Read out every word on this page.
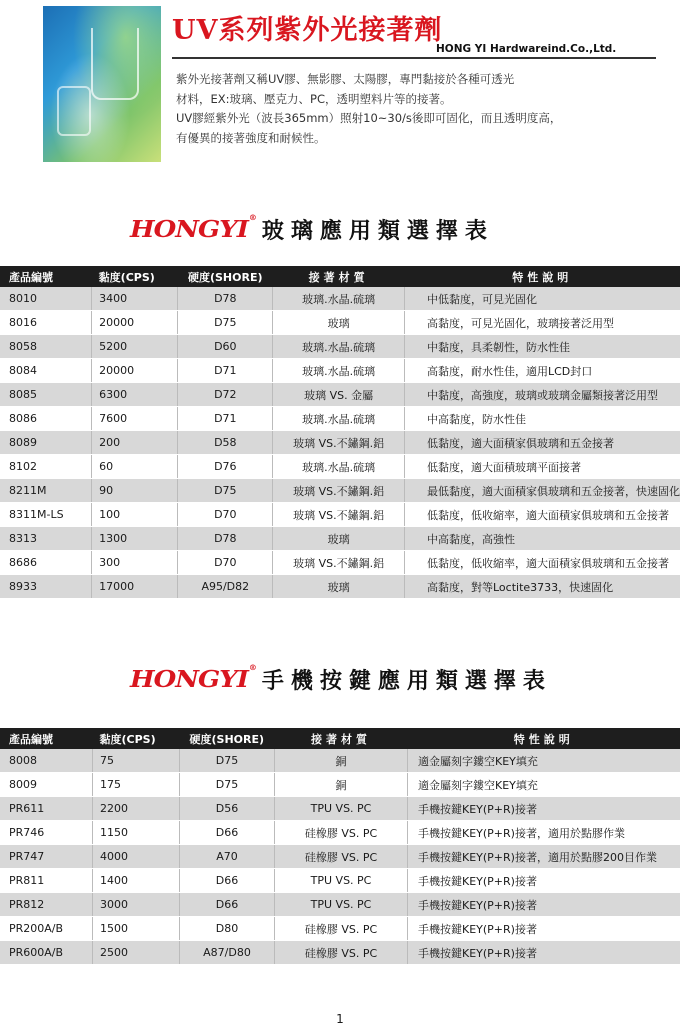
UV系列紫外光接著劑
HONG YI Hardwareind.Co.,Ltd.
紫外光接著劑又稱UV膠、無影膠、太陽膠，專門黏接於各種可透光
材料，EX:玻璃、壓克力、PC，透明塑料片等的接著。
UV膠經紫外光（波長365mm）照射10~30/s後即可固化，而且透明度高，
有優異的接著強度和耐候性。
HONGYI ®
玻璃應用類選擇表
產品編號	黏度(CPS)	硬度(SHORE)	接著材質	特性說明
8010	3400	D78	玻璃.水晶.硫璃	中低黏度，可見光固化
8016	20000	D75	玻璃	高黏度，可見光固化，玻璃接著泛用型
8058	5200	D60	玻璃.水晶.硫璃	中黏度，具柔韌性，防水性佳
8084	20000	D71	玻璃.水晶.硫璃	高黏度，耐水性佳，適用LCD封口
8085	6300	D72	玻璃 VS. 金屬	中黏度，高強度，玻璃或玻璃金屬類接著泛用型
8086	7600	D71	玻璃.水晶.硫璃	中高黏度，防水性佳
8089	200	D58	玻璃 VS.不鏽鋼.鋁	低黏度，適大面積家俱玻璃和五金接著
8102	60	D76	玻璃.水晶.硫璃	低黏度，適大面積玻璃平面接著
8211M	90	D75	玻璃 VS.不鏽鋼.鋁	最低黏度，適大面積家俱玻璃和五金接著，快速固化
8311M-LS	100	D70	玻璃 VS.不鏽鋼.鋁	低黏度，低收縮率，適大面積家俱玻璃和五金接著
8313	1300	D78	玻璃	中高黏度，高強性
8686	300	D70	玻璃 VS.不鏽鋼.鋁	低黏度，低收縮率，適大面積家俱玻璃和五金接著
8933	17000	A95/D82	玻璃	高黏度，對等Loctite3733，快速固化
HONGYI ®
手機按鍵應用類選擇表
產品編號	黏度(CPS)	硬度(SHORE)	接著材質	特性說明
8008	75	D75	銅	適金屬刻字鏤空KEY填充
8009	175	D75	銅	適金屬刻字鏤空KEY填充
PR611	2200	D56	TPU VS. PC	手機按鍵KEY(P+R)接著
PR746	1150	D66	硅橡膠 VS. PC	手機按鍵KEY(P+R)接著，適用於點膠作業
PR747	4000	A70	硅橡膠 VS. PC	手機按鍵KEY(P+R)接著，適用於點膠200目作業
PR811	1400	D66	TPU VS. PC	手機按鍵KEY(P+R)接著
PR812	3000	D66	TPU VS. PC	手機按鍵KEY(P+R)接著
PR200A/B	1500	D80	硅橡膠 VS. PC	手機按鍵KEY(P+R)接著
PR600A/B	2500	A87/D80	硅橡膠 VS. PC	手機按鍵KEY(P+R)接著
1
